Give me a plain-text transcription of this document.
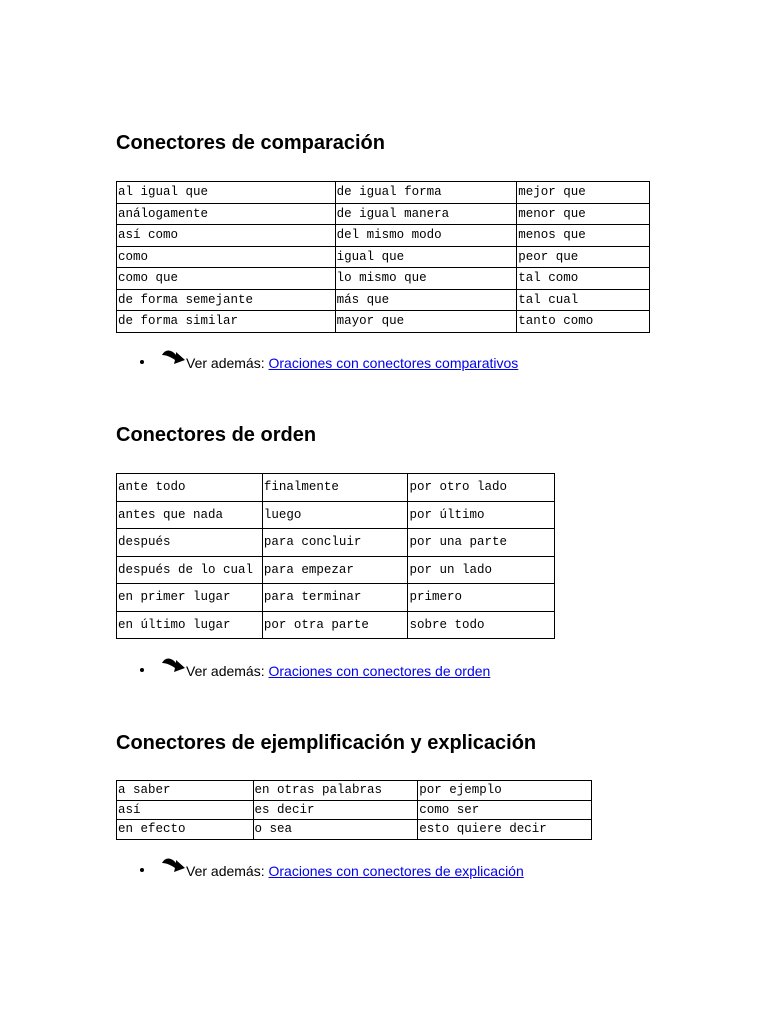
Conectores de comparación
al igual que	de igual forma	mejor que
análogamente	de igual manera	menor que
así como	del mismo modo	menos que
como	igual que	peor que
como que	lo mismo que	tal como
de forma semejante	más que	tal cual
de forma similar	mayor que	tanto como
Ver además: Oraciones con conectores comparativos
Conectores de orden
ante todo	finalmente	por otro lado
antes que nada	luego	por último
después	para concluir	por una parte
después de lo cual	para empezar	por un lado
en primer lugar	para terminar	primero
en último lugar	por otra parte	sobre todo
Ver además: Oraciones con conectores de orden
Conectores de ejemplificación y explicación
a saber	en otras palabras	por ejemplo
así	es decir	como ser
en efecto	o sea	esto quiere decir
Ver además: Oraciones con conectores de explicación
